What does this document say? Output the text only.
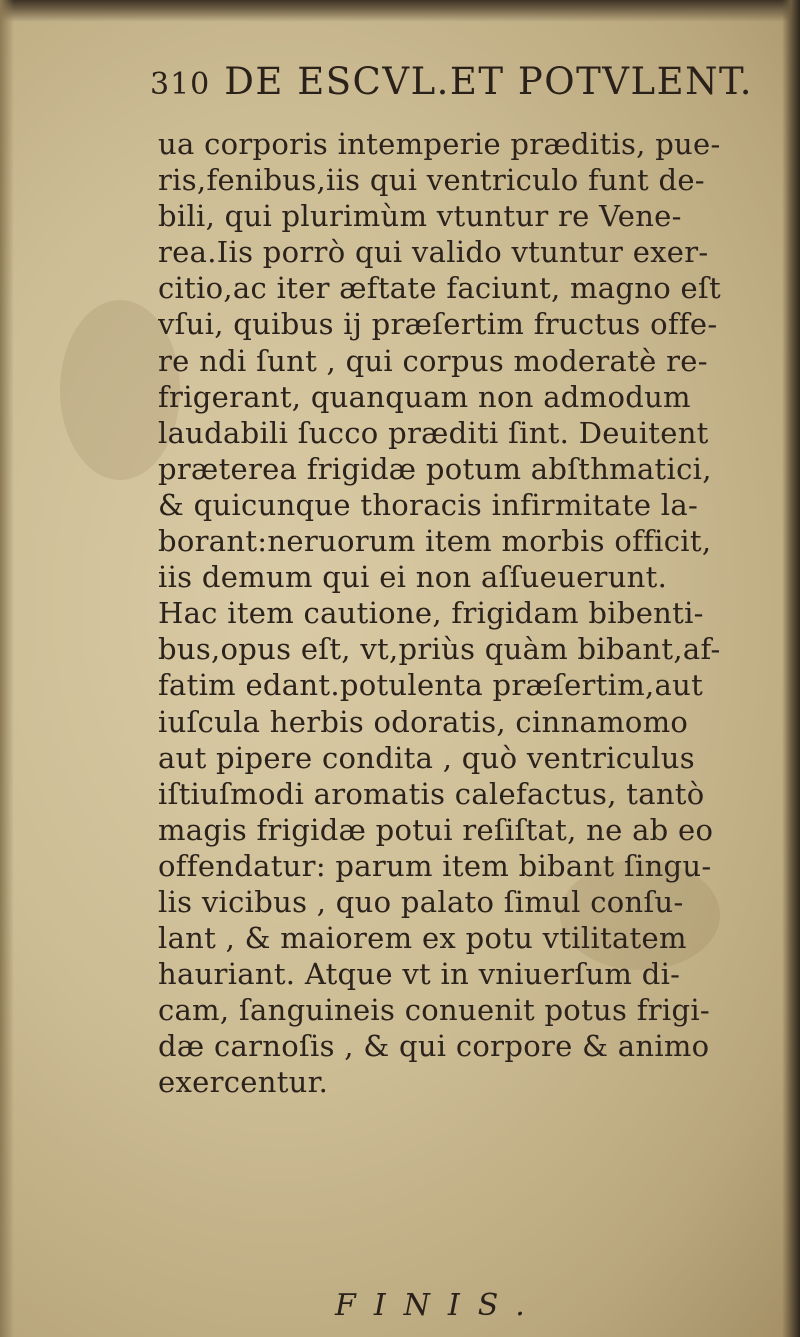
310 DE ESCVL.ET POTVLENT.
ua corporis intemperie præditis, pue-
ris,fenibus,iis qui ventriculo funt de-
bili, qui plurimùm vtuntur re Vene-
rea.Iis porrò qui valido vtuntur exer-
citio,ac iter æftate faciunt, magno eſt
vſui, quibus ij præſertim fructus offe-
re ndi ſunt , qui corpus moderatè re-
frigerant, quanquam non admodum
laudabili ſucco præditi ſint. Deuitent
præterea frigidæ potum abſthmatici,
& quicunque thoracis infirmitate la-
borant:neruorum item morbis officit,
iis demum qui ei non aſſueuerunt.
Hac item cautione, frigidam bibenti-
bus,opus eſt, vt,priùs quàm bibant,af-
fatim edant.potulenta præſertim,aut
iuſcula herbis odoratis, cinnamomo
aut pipere condita , quò ventriculus
iſtiuſmodi aromatis calefactus, tantò
magis frigidæ potui reſiſtat, ne ab eo
offendatur: parum item bibant ſingu-
lis vicibus , quo palato ſimul conſu-
lant , & maiorem ex potu vtilitatem
hauriant. Atque vt in vniuerſum di-
cam, ſanguineis conuenit potus frigi-
dæ carnoſis , & qui corpore & animo
exercentur.
FINIS.
